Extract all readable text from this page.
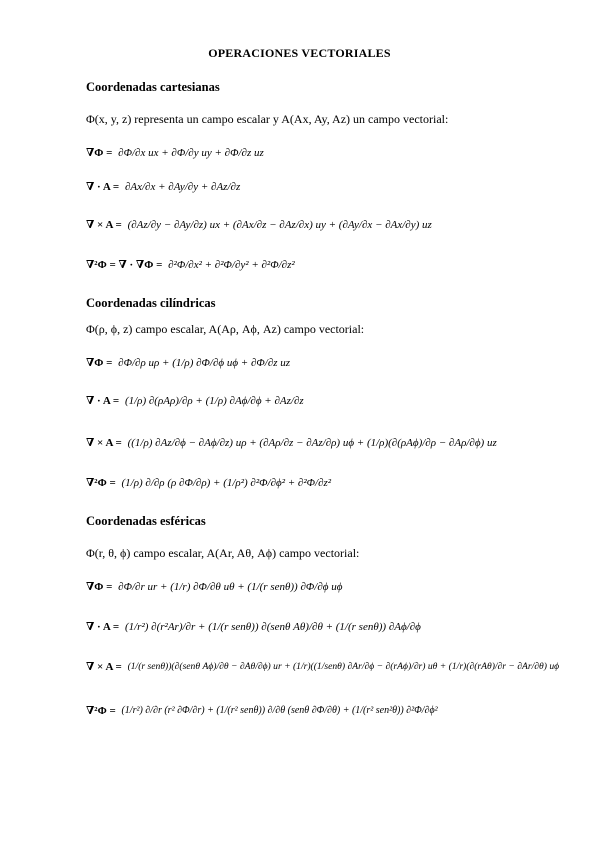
OPERACIONES VECTORIALES
Coordenadas cartesianas
Φ(x, y, z) representa un campo escalar y A(Ax, Ay, Az) un campo vectorial:
∇Φ = ∂Φ/∂x ux + ∂Φ/∂y uy + ∂Φ/∂z uz
∇ · A = ∂Ax/∂x + ∂Ay/∂y + ∂Az/∂z
∇ × A = (∂Az/∂y − ∂Ay/∂z) ux + (∂Ax/∂z − ∂Az/∂x) uy + (∂Ay/∂x − ∂Ax/∂y) uz
∇²Φ = ∇ · ∇Φ = ∂²Φ/∂x² + ∂²Φ/∂y² + ∂²Φ/∂z²
Coordenadas cilíndricas
Φ(ρ, ϕ, z) campo escalar, A(Aρ, Aϕ, Az) campo vectorial:
∇Φ = ∂Φ/∂ρ uρ + (1/ρ) ∂Φ/∂ϕ uϕ + ∂Φ/∂z uz
∇ · A = (1/ρ) ∂(ρAρ)/∂ρ + (1/ρ) ∂Aϕ/∂ϕ + ∂Az/∂z
∇ × A = ((1/ρ) ∂Az/∂ϕ − ∂Aϕ/∂z) uρ + (∂Aρ/∂z − ∂Az/∂ρ) uϕ + (1/ρ)(∂(ρAϕ)/∂ρ − ∂Aρ/∂ϕ) uz
∇²Φ = (1/ρ) ∂/∂ρ (ρ ∂Φ/∂ρ) + (1/ρ²) ∂²Φ/∂ϕ² + ∂²Φ/∂z²
Coordenadas esféricas
Φ(r, θ, ϕ) campo escalar, A(Ar, Aθ, Aϕ) campo vectorial:
∇Φ = ∂Φ/∂r ur + (1/r) ∂Φ/∂θ uθ + (1/(r senθ)) ∂Φ/∂ϕ uϕ
∇ · A = (1/r²) ∂(r²Ar)/∂r + (1/(r senθ)) ∂(senθ Aθ)/∂θ + (1/(r senθ)) ∂Aϕ/∂ϕ
∇ × A = (1/(r senθ))(∂(senθ Aϕ)/∂θ − ∂Aθ/∂ϕ) ur + (1/r)((1/senθ) ∂Ar/∂ϕ − ∂(rAϕ)/∂r) uθ + (1/r)(∂(rAθ)/∂r − ∂Ar/∂θ) uϕ
∇²Φ = (1/r²) ∂/∂r (r² ∂Φ/∂r) + (1/(r² senθ)) ∂/∂θ (senθ ∂Φ/∂θ) + (1/(r² sen²θ)) ∂²Φ/∂ϕ²
